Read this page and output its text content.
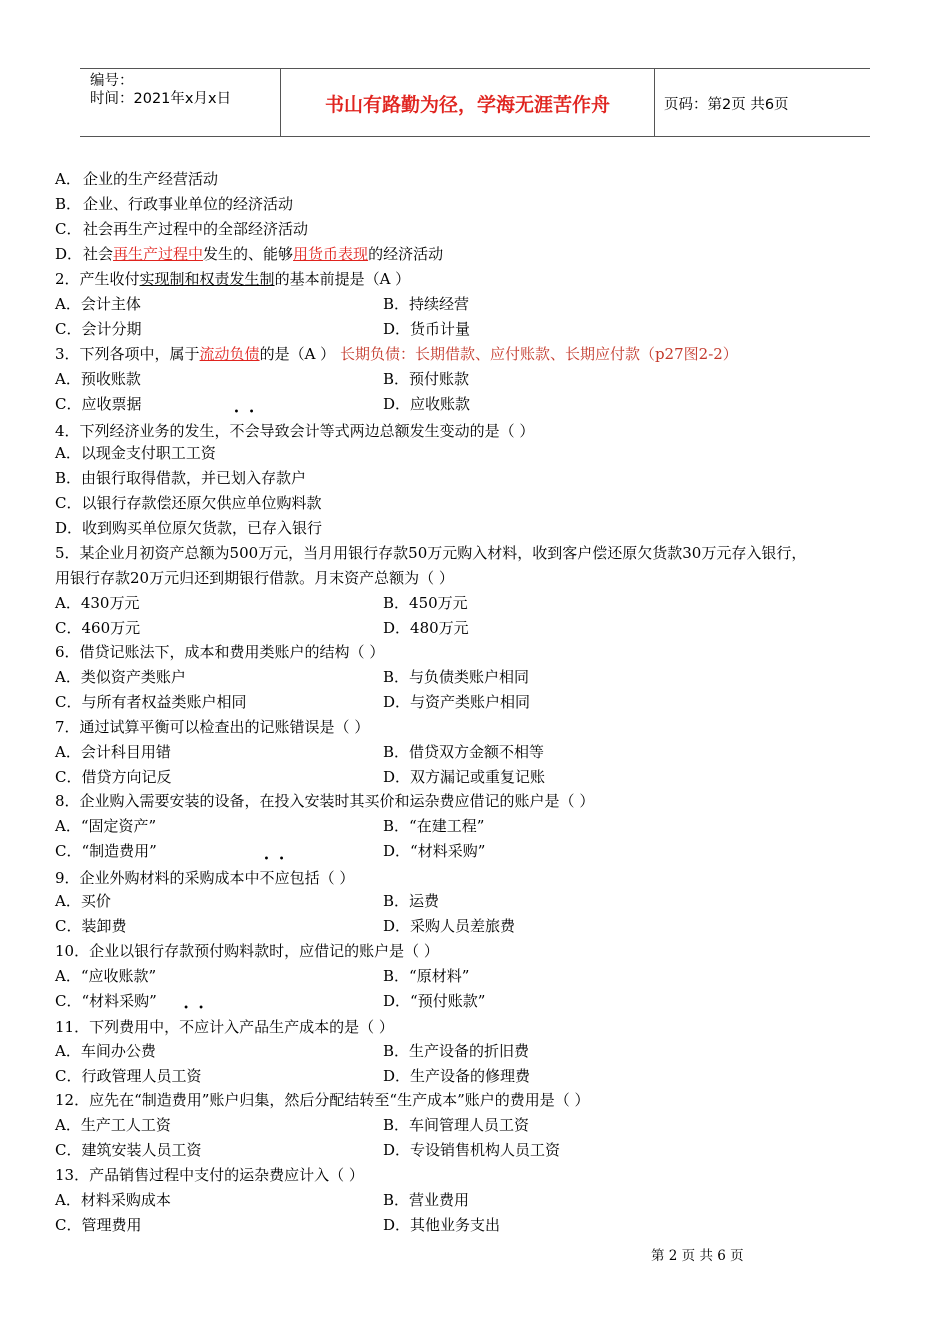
编号：
时间：2021年x月x日	书山有路勤为径，学海无涯苦作舟	页码：第2页 共6页
A． 企业的生产经营活动
B． 企业、行政事业单位的经济活动
C． 社会再生产过程中的全部经济活动
D．社会再生产过程中发生的、能够用货币表现的经济活动
2．产生收付实现制和权责发生制的基本前提是（A ）
A．会计主体	B．持续经营
C．会计分期	D．货币计量
3．下列各项中，属于流动负债的是（A ） 长期负债：长期借款、应付账款、长期应付款（p27图2-2）
A．预收账款	B．预付账款
C．应收票据	D．应收账款
4．下列经济业务的发生，不会导致会计等式两边总额发生变动的是（ ）
A．以现金支付职工工资
B．由银行取得借款，并已划入存款户
C．以银行存款偿还原欠供应单位购料款
D．收到购买单位原欠货款，已存入银行
5．某企业月初资产总额为500万元，当月用银行存款50万元购入材料，收到客户偿还原欠货款30万元存入银行，
用银行存款20万元归还到期银行借款。月末资产总额为（ ）
A．430万元	B．450万元
C．460万元	D．480万元
6．借贷记账法下，成本和费用类账户的结构（ ）
A．类似资产类账户	B．与负债类账户相同
C．与所有者权益类账户相同	D．与资产类账户相同
7．通过试算平衡可以检查出的记账错误是（ ）
A．会计科目用错	B．借贷双方金额不相等
C．借贷方向记反	D．双方漏记或重复记账
8．企业购入需要安装的设备，在投入安装时其买价和运杂费应借记的账户是（ ）
A．“固定资产”	B．“在建工程”
C．“制造费用”	D．“材料采购”
9．企业外购材料的采购成本中不应包括（ ）
A．买价	B．运费
C．装卸费	D．采购人员差旅费
10．企业以银行存款预付购料款时，应借记的账户是（ ）
A．“应收账款”	B．“原材料”
C．“材料采购”	D．“预付账款”
11．下列费用中，不应计入产品生产成本的是（ ）
A．车间办公费	B．生产设备的折旧费
C．行政管理人员工资	D．生产设备的修理费
12．应先在“制造费用”账户归集，然后分配结转至“生产成本”账户的费用是（ ）
A．生产工人工资	B．车间管理人员工资
C．建筑安装人员工资	D．专设销售机构人员工资
13．产品销售过程中支付的运杂费应计入（ ）
A．材料采购成本	B．营业费用
C．管理费用	D．其他业务支出
第 2 页 共 6 页
